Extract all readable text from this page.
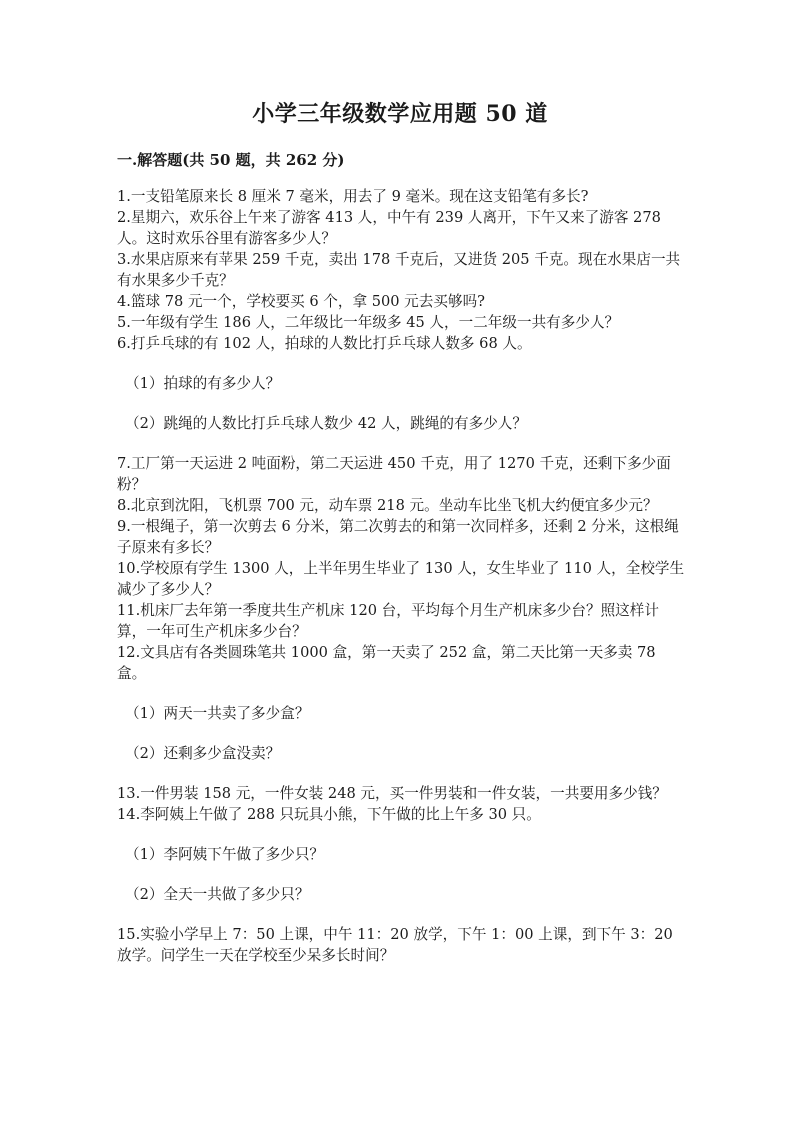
小学三年级数学应用题 50 道
一.解答题(共 50 题，共 262 分)

1.一支铅笔原来长 8 厘米 7 毫米，用去了 9 毫米。现在这支铅笔有多长?

2.星期六，欢乐谷上午来了游客 413 人，中午有 239 人离开，下午又来了游客 278 人。这时欢乐谷里有游客多少人？

3.水果店原来有苹果 259 千克，卖出 178 千克后，又进货 205 千克。现在水果店一共有水果多少千克？

4.篮球 78 元一个，学校要买 6 个，拿 500 元去买够吗?

5.一年级有学生 186 人，二年级比一年级多 45 人，一二年级一共有多少人？

6.打乒乓球的有 102 人，拍球的人数比打乒乓球人数多 68 人。

（1）拍球的有多少人？

（2）跳绳的人数比打乒乓球人数少 42 人，跳绳的有多少人？

7.工厂第一天运进 2 吨面粉，第二天运进 450 千克，用了 1270 千克，还剩下多少面粉？

8.北京到沈阳，飞机票 700 元，动车票 218 元。坐动车比坐飞机大约便宜多少元？

9.一根绳子，第一次剪去 6 分米，第二次剪去的和第一次同样多，还剩 2 分米，这根绳子原来有多长？

10.学校原有学生 1300 人，上半年男生毕业了 130 人，女生毕业了 110 人，全校学生减少了多少人？

11.机床厂去年第一季度共生产机床 120 台，平均每个月生产机床多少台？照这样计算，一年可生产机床多少台？

12.文具店有各类圆珠笔共 1000 盒，第一天卖了 252 盒，第二天比第一天多卖 78 盒。

（1）两天一共卖了多少盒？

（2）还剩多少盒没卖？

13.一件男装 158 元，一件女装 248 元，买一件男装和一件女装，一共要用多少钱？

14.李阿姨上午做了 288 只玩具小熊，下午做的比上午多 30 只。

（1）李阿姨下午做了多少只？

（2）全天一共做了多少只？

15.实验小学早上 7：50 上课，中午 11：20 放学，下午 1：00 上课，到下午 3：20 放学。问学生一天在学校至少呆多长时间？
